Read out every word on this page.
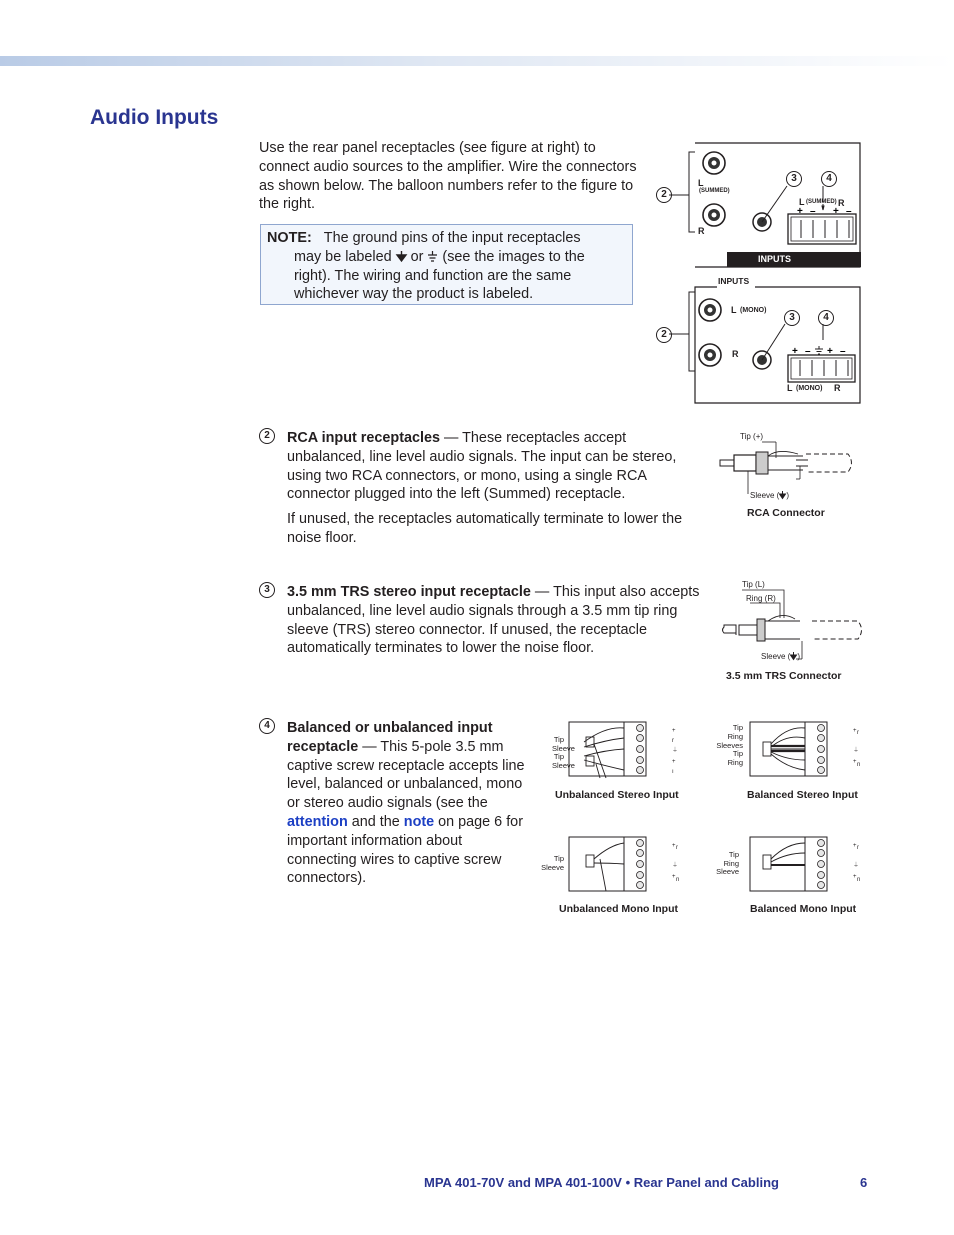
Audio Inputs
Use the rear panel receptacles (see figure at right) to connect audio sources to the amplifier. Wire the connectors as shown below. The balloon numbers refer to the figure to the right.
NOTE: The ground pins of the input receptacles
may be labeled or (see the images to the
right). The wiring and function are the same
whichever way the product is labeled.
+ – + –
2
3	4
L
(SUMMED)
R
L (SUMMED) R
INPUTS
+ – + –
2
3	4
INPUTS
L (MONO)
R
L (MONO) R
2	RCA input receptacles — These receptacles accept unbalanced, line level audio signals. The input can be stereo, using two RCA connectors, or mono, using a single RCA connector plugged into the left (Summed) receptacle.
If unused, the receptacles automatically terminate to lower the noise floor.
Tip (+)
Sleeve ( )
RCA Connector
3	3.5 mm TRS stereo input receptacle — This input also accepts unbalanced, line level audio signals through a 3.5 mm tip ring sleeve (TRS) stereo connector. If unused, the receptacle automatically terminates to lower the noise floor.
Tip (L)
Ring (R)
Sleeve ( )
3.5 mm TRS Connector
4	Balanced or unbalanced input receptacle — This 5-pole 3.5 mm captive screw receptacle accepts line level, balanced or unbalanced, mono or stereo audio signals (see the attention and the note on page 6 for important information about connecting wires to captive screw connectors).
+
r
⏚
+
ı
Tip
Sleeve
Tip
Sleeve
Unbalanced Stereo Input
+ r
⏚
+ n
Tip
Ring
Sleeves
Tip
Ring
Balanced Stereo Input
+ r
⏚
+ n
Tip
Sleeve
Unbalanced Mono Input
+ r
⏚
+ n
Tip
Ring
Sleeve
Balanced Mono Input
MPA 401-70V and MPA 401-100V • Rear Panel and Cabling	6
